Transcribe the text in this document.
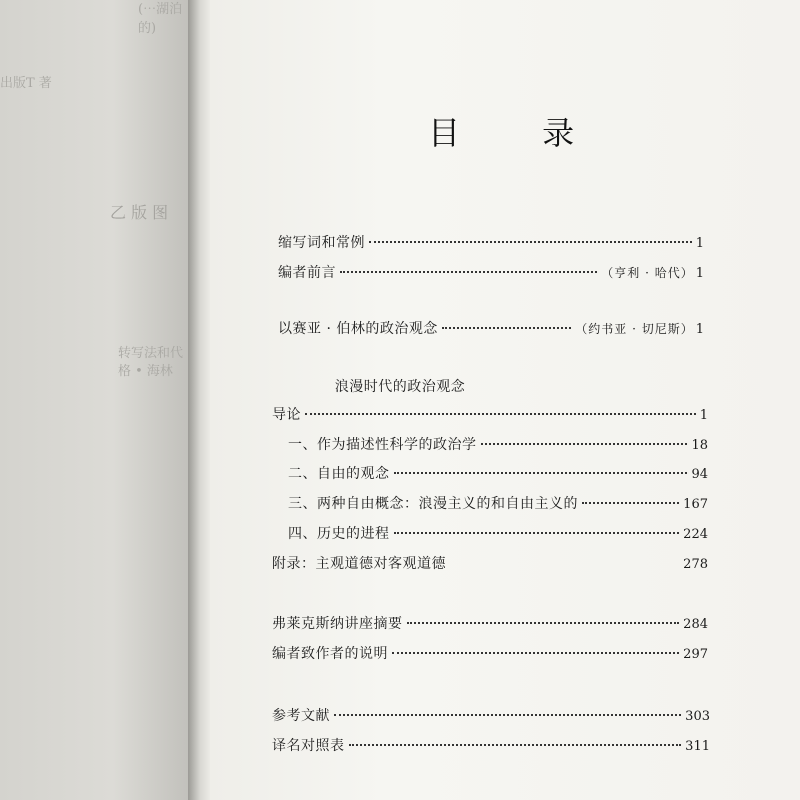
(⋯湖泊的)
出版T 著
乙 版 图
转写法和代
格 • 海林
目 录
缩写词和常例	1
编者前言	（亨利 · 哈代） 1
以赛亚 · 伯林的政治观念	（约书亚 · 切尼斯） 1
浪漫时代的政治观念
导论	1
一、作为描述性科学的政治学	18
二、自由的观念	94
三、两种自由概念：浪漫主义的和自由主义的	167
四、历史的进程	224
附录：主观道德对客观道德	278
弗莱克斯纳讲座摘要	284
编者致作者的说明	297
参考文献	303
译名对照表	311
